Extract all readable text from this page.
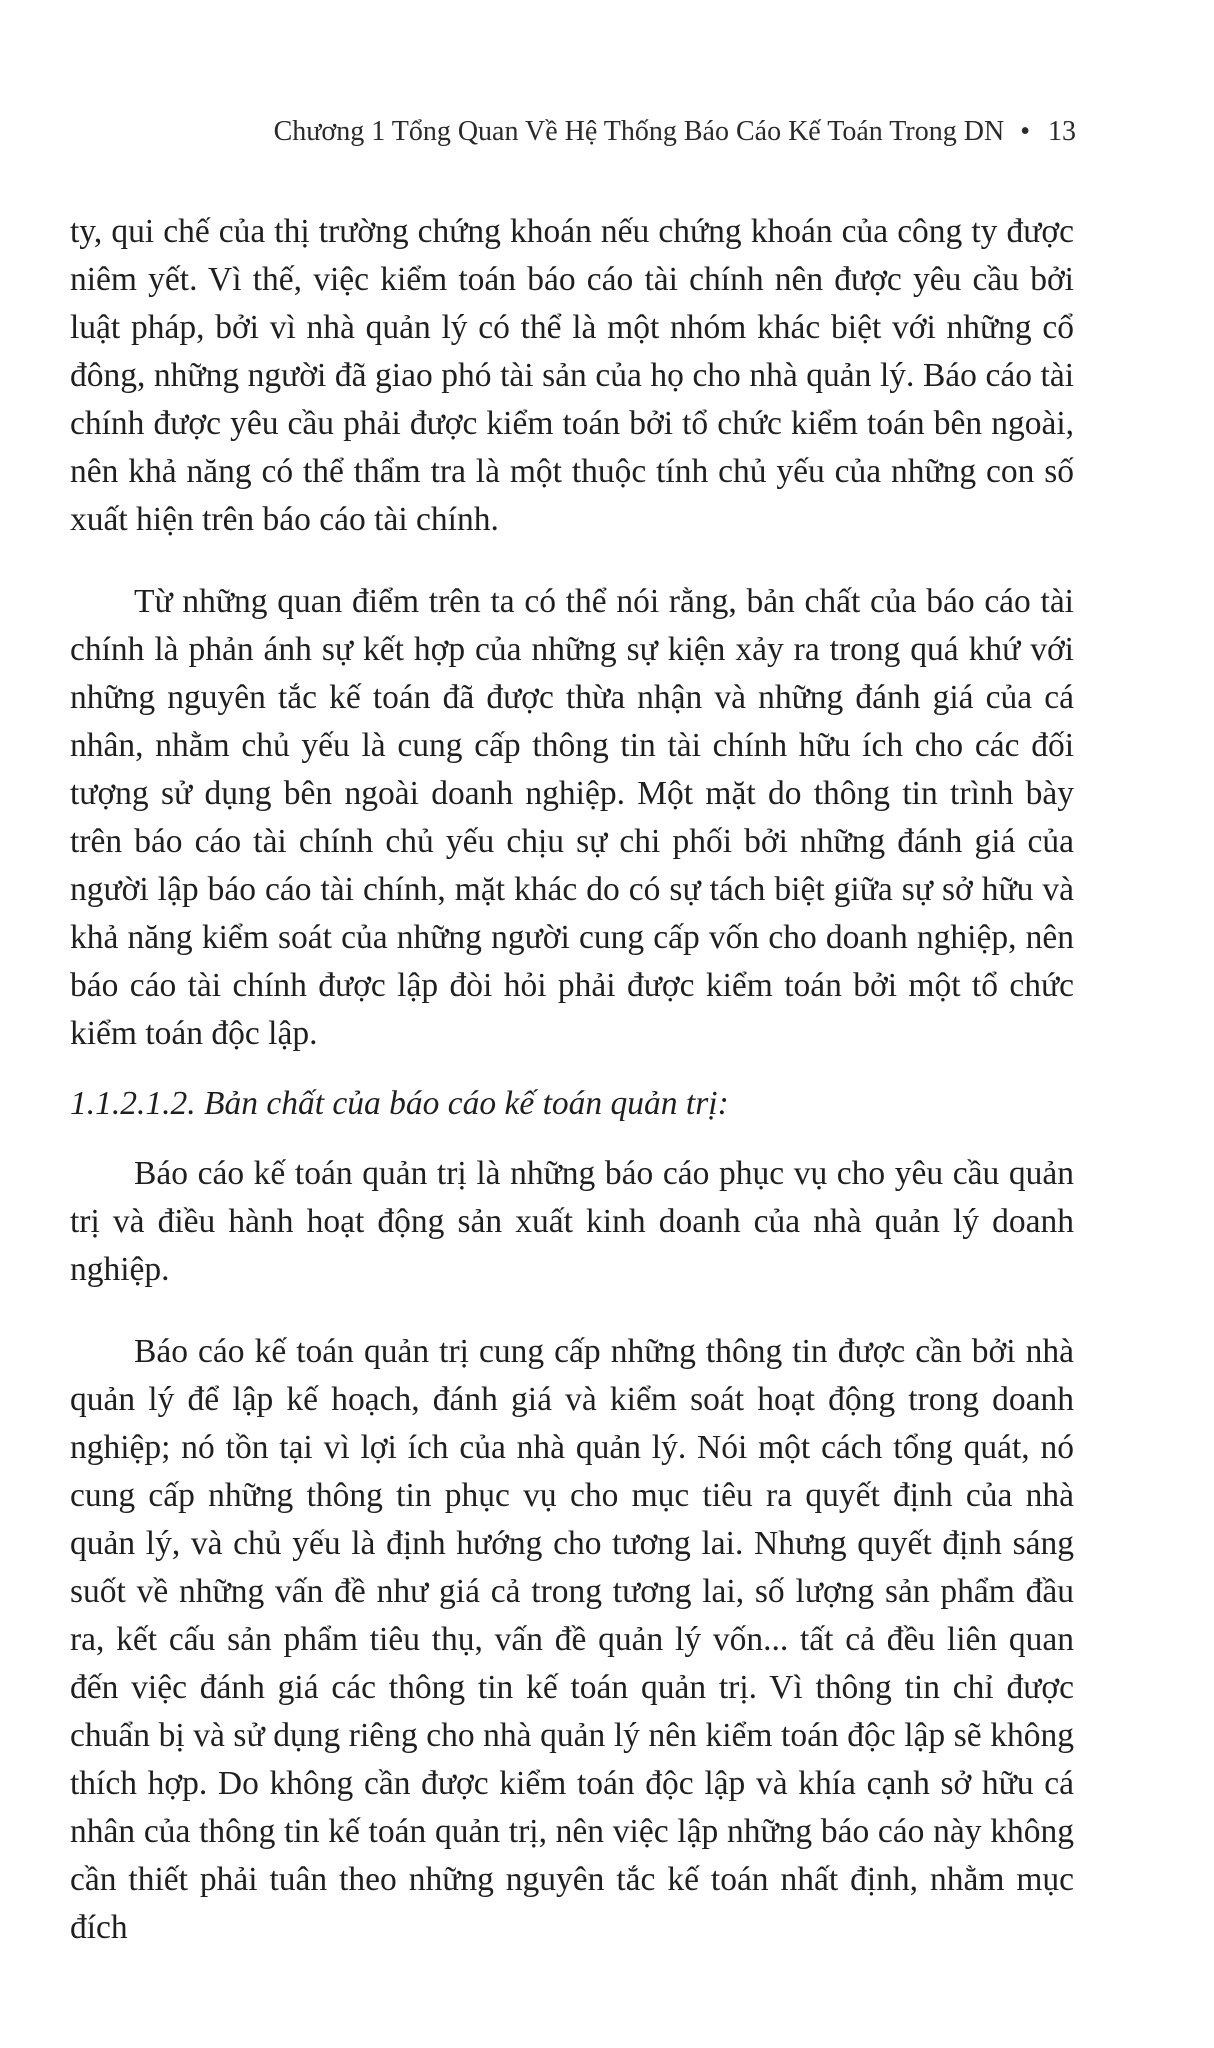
Chương 1 Tổng Quan Về Hệ Thống Báo Cáo Kế Toán Trong DN • 13

ty, qui chế của thị trường chứng khoán nếu chứng khoán của công ty được niêm yết. Vì thế, việc kiểm toán báo cáo tài chính nên được yêu cầu bởi luật pháp, bởi vì nhà quản lý có thể là một nhóm khác biệt với những cổ đông, những người đã giao phó tài sản của họ cho nhà quản lý. Báo cáo tài chính được yêu cầu phải được kiểm toán bởi tổ chức kiểm toán bên ngoài, nên khả năng có thể thẩm tra là một thuộc tính chủ yếu của những con số xuất hiện trên báo cáo tài chính.

Từ những quan điểm trên ta có thể nói rằng, bản chất của báo cáo tài chính là phản ánh sự kết hợp của những sự kiện xảy ra trong quá khứ với những nguyên tắc kế toán đã được thừa nhận và những đánh giá của cá nhân, nhằm chủ yếu là cung cấp thông tin tài chính hữu ích cho các đối tượng sử dụng bên ngoài doanh nghiệp. Một mặt do thông tin trình bày trên báo cáo tài chính chủ yếu chịu sự chi phối bởi những đánh giá của người lập báo cáo tài chính, mặt khác do có sự tách biệt giữa sự sở hữu và khả năng kiểm soát của những người cung cấp vốn cho doanh nghiệp, nên báo cáo tài chính được lập đòi hỏi phải được kiểm toán bởi một tổ chức kiểm toán độc lập.

1.1.2.1.2. Bản chất của báo cáo kế toán quản trị:

Báo cáo kế toán quản trị là những báo cáo phục vụ cho yêu cầu quản trị và điều hành hoạt động sản xuất kinh doanh của nhà quản lý doanh nghiệp.

Báo cáo kế toán quản trị cung cấp những thông tin được cần bởi nhà quản lý để lập kế hoạch, đánh giá và kiểm soát hoạt động trong doanh nghiệp; nó tồn tại vì lợi ích của nhà quản lý. Nói một cách tổng quát, nó cung cấp những thông tin phục vụ cho mục tiêu ra quyết định của nhà quản lý, và chủ yếu là định hướng cho tương lai. Nhưng quyết định sáng suốt về những vấn đề như giá cả trong tương lai, số lượng sản phẩm đầu ra, kết cấu sản phẩm tiêu thụ, vấn đề quản lý vốn... tất cả đều liên quan đến việc đánh giá các thông tin kế toán quản trị. Vì thông tin chỉ được chuẩn bị và sử dụng riêng cho nhà quản lý nên kiểm toán độc lập sẽ không thích hợp. Do không cần được kiểm toán độc lập và khía cạnh sở hữu cá nhân của thông tin kế toán quản trị, nên việc lập những báo cáo này không cần thiết phải tuân theo những nguyên tắc kế toán nhất định, nhằm mục đích
